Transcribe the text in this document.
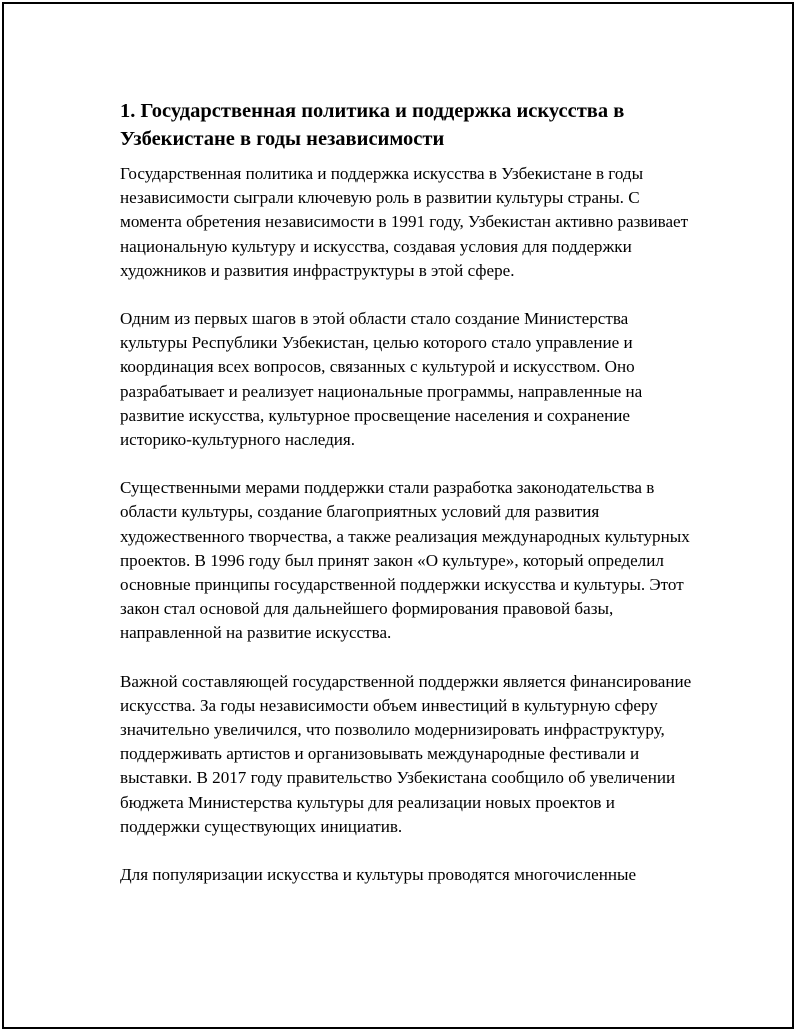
1. Государственная политика и поддержка искусства в Узбекистане в годы независимости

Государственная политика и поддержка искусства в Узбекистане в годы независимости сыграли ключевую роль в развитии культуры страны. С момента обретения независимости в 1991 году, Узбекистан активно развивает национальную культуру и искусства, создавая условия для поддержки художников и развития инфраструктуры в этой сфере.

Одним из первых шагов в этой области стало создание Министерства культуры Республики Узбекистан, целью которого стало управление и координация всех вопросов, связанных с культурой и искусством. Оно разрабатывает и реализует национальные программы, направленные на развитие искусства, культурное просвещение населения и сохранение историко-культурного наследия.

Существенными мерами поддержки стали разработка законодательства в области культуры, создание благоприятных условий для развития художественного творчества, а также реализация международных культурных проектов. В 1996 году был принят закон «О культуре», который определил основные принципы государственной поддержки искусства и культуры. Этот закон стал основой для дальнейшего формирования правовой базы, направленной на развитие искусства.

Важной составляющей государственной поддержки является финансирование искусства. За годы независимости объем инвестиций в культурную сферу значительно увеличился, что позволило модернизировать инфраструктуру, поддерживать артистов и организовывать международные фестивали и выставки. В 2017 году правительство Узбекистана сообщило об увеличении бюджета Министерства культуры для реализации новых проектов и поддержки существующих инициатив.

Для популяризации искусства и культуры проводятся многочисленные
